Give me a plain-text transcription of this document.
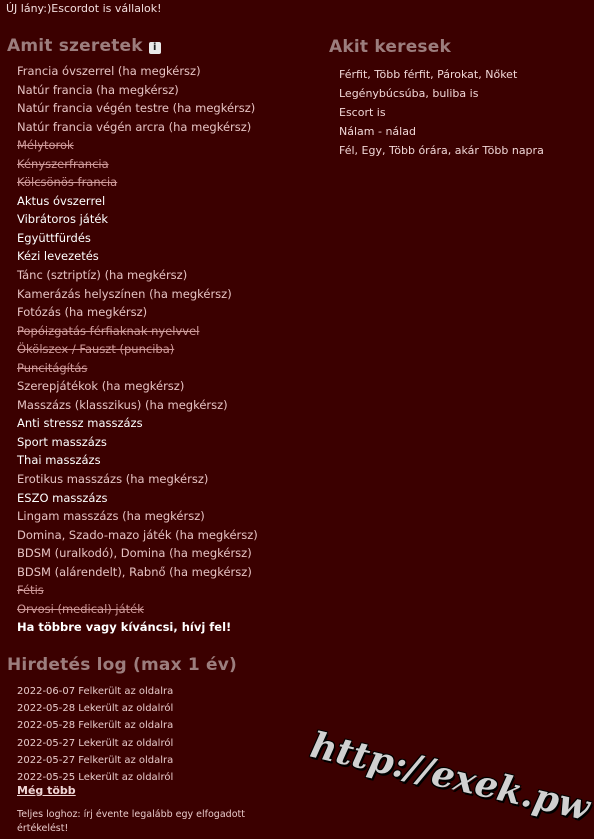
ÚJ lány:)Escordot is vállalok!
Amit szeretek i
Francia óvszerrel (ha megkérsz)
Natúr francia (ha megkérsz)
Natúr francia végén testre (ha megkérsz)
Natúr francia végén arcra (ha megkérsz)
Mélytorok
Kényszerfrancia
Kölcsönös francia
Aktus óvszerrel
Vibrátoros játék
Együttfürdés
Kézi levezetés
Tánc (sztriptíz) (ha megkérsz)
Kamerázás helyszínen (ha megkérsz)
Fotózás (ha megkérsz)
Popóizgatás férfiaknak nyelvvel
Ökölszex / Fauszt (punciba)
Puncitágítás
Szerepjátékok (ha megkérsz)
Masszázs (klasszikus) (ha megkérsz)
Anti stressz masszázs
Sport masszázs
Thai masszázs
Erotikus masszázs (ha megkérsz)
ESZO masszázs
Lingam masszázs (ha megkérsz)
Domina, Szado-mazo játék (ha megkérsz)
BDSM (uralkodó), Domina (ha megkérsz)
BDSM (alárendelt), Rabnő (ha megkérsz)
Fétis
Orvosi (medical) játék
Ha többre vagy kíváncsi, hívj fel!
Akit keresek
Férfit, Több férfit, Párokat, Nőket
Legénybúcsúba, buliba is
Escort is
Nálam - nálad
Fél, Egy, Több órára, akár Több napra
Hirdetés log (max 1 év)
2022-06-07 Felkerült az oldalra
2022-05-28 Lekerült az oldalról
2022-05-28 Felkerült az oldalra
2022-05-27 Lekerült az oldalról
2022-05-27 Felkerült az oldalra
2022-05-25 Lekerült az oldalról
Még több
Teljes loghoz: írj évente legalább egy elfogadott értékelést!	http://exek.pw
